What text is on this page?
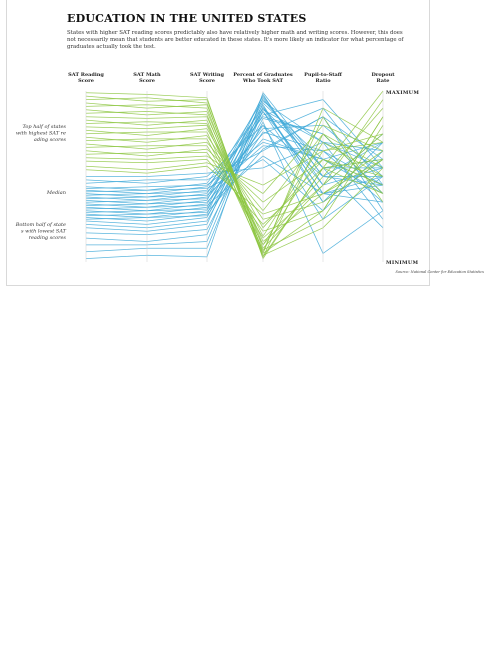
EDUCATION IN THE UNITED STATES

States with higher SAT reading scores predictably also have relatively higher math and writing scores. However, this does not necessarily mean that students are better educated in these states. It's more likely an indicator for what percentage of graduates actually took the test.

SAT Reading Score
SAT Math Score
SAT Writing Score
Percent of Graduates Who Took SAT
Pupil-to-Staff Ratio
Dropout Rate
MAXIMUM
MINIMUM
Top half of states with highest SAT re ading scores
Median
Bottom half of state s with lowest SAT reading scores
Source: National Center for Education Statistics
